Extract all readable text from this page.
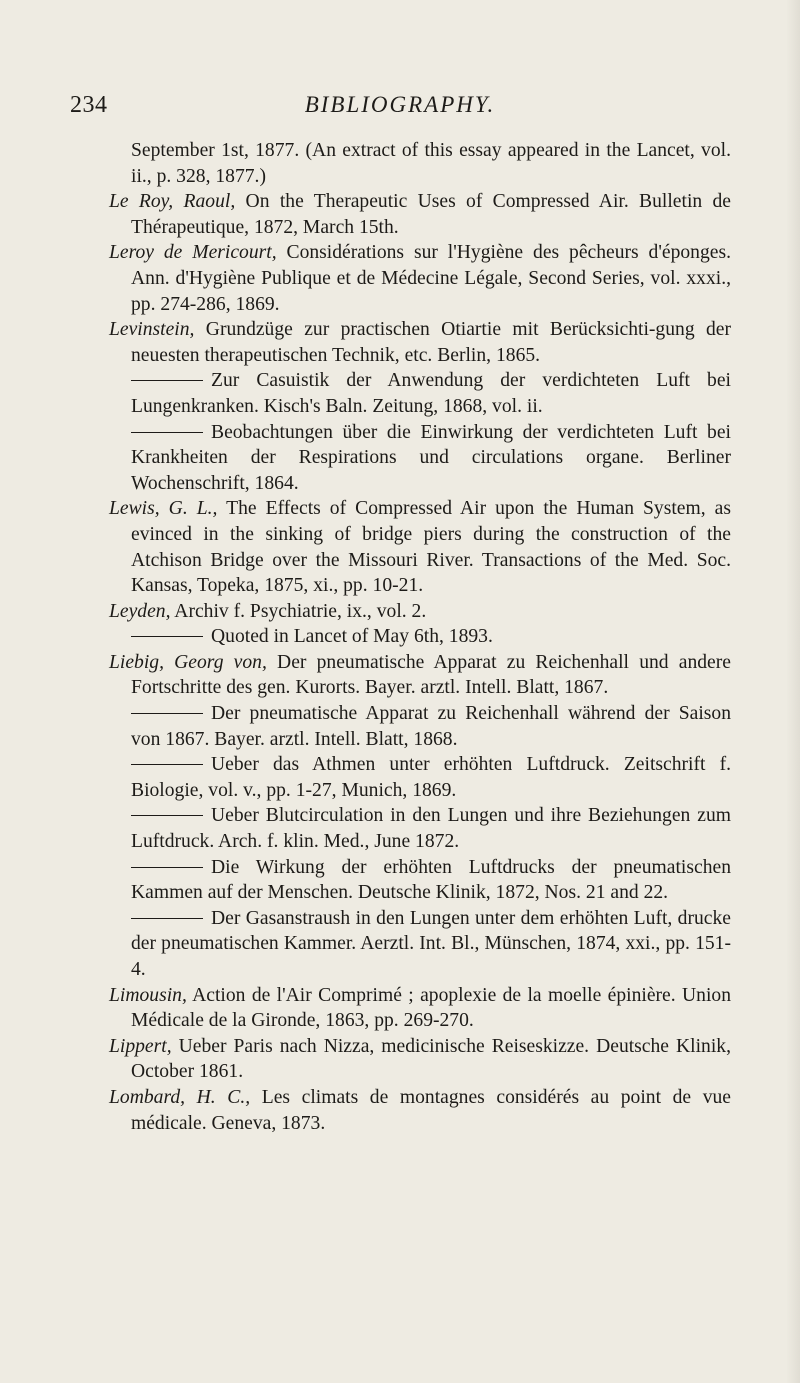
234	BIBLIOGRAPHY.

September 1st, 1877. (An extract of this essay appeared in the Lancet, vol. ii., p. 328, 1877.)

Le Roy, Raoul, On the Therapeutic Uses of Compressed Air. Bulletin de Thérapeutique, 1872, March 15th.

Leroy de Mericourt, Considérations sur l'Hygiène des pêcheurs d'éponges. Ann. d'Hygiène Publique et de Médecine Légale, Second Series, vol. xxxi., pp. 274-286, 1869.

Levinstein, Grundzüge zur practischen Otiartie mit Berücksichti-gung der neuesten therapeutischen Technik, etc. Berlin, 1865.

Zur Casuistik der Anwendung der verdichteten Luft bei Lungenkranken. Kisch's Baln. Zeitung, 1868, vol. ii.

Beobachtungen über die Einwirkung der verdichteten Luft bei Krankheiten der Respirations und circulations organe. Berliner Wochenschrift, 1864.

Lewis, G. L., The Effects of Compressed Air upon the Human System, as evinced in the sinking of bridge piers during the construction of the Atchison Bridge over the Missouri River. Transactions of the Med. Soc. Kansas, Topeka, 1875, xi., pp. 10-21.

Leyden, Archiv f. Psychiatrie, ix., vol. 2.

Quoted in Lancet of May 6th, 1893.

Liebig, Georg von, Der pneumatische Apparat zu Reichenhall und andere Fortschritte des gen. Kurorts. Bayer. arztl. Intell. Blatt, 1867.

Der pneumatische Apparat zu Reichenhall während der Saison von 1867. Bayer. arztl. Intell. Blatt, 1868.

Ueber das Athmen unter erhöhten Luftdruck. Zeitschrift f. Biologie, vol. v., pp. 1-27, Munich, 1869.

Ueber Blutcirculation in den Lungen und ihre Beziehungen zum Luftdruck. Arch. f. klin. Med., June 1872.

Die Wirkung der erhöhten Luftdrucks der pneumatischen Kammen auf der Menschen. Deutsche Klinik, 1872, Nos. 21 and 22.

Der Gasanstraush in den Lungen unter dem erhöhten Luft, drucke der pneumatischen Kammer. Aerztl. Int. Bl., Münschen, 1874, xxi., pp. 151-4.

Limousin, Action de l'Air Comprimé ; apoplexie de la moelle épinière. Union Médicale de la Gironde, 1863, pp. 269-270.

Lippert, Ueber Paris nach Nizza, medicinische Reiseskizze. Deutsche Klinik, October 1861.

Lombard, H. C., Les climats de montagnes considérés au point de vue médicale. Geneva, 1873.
